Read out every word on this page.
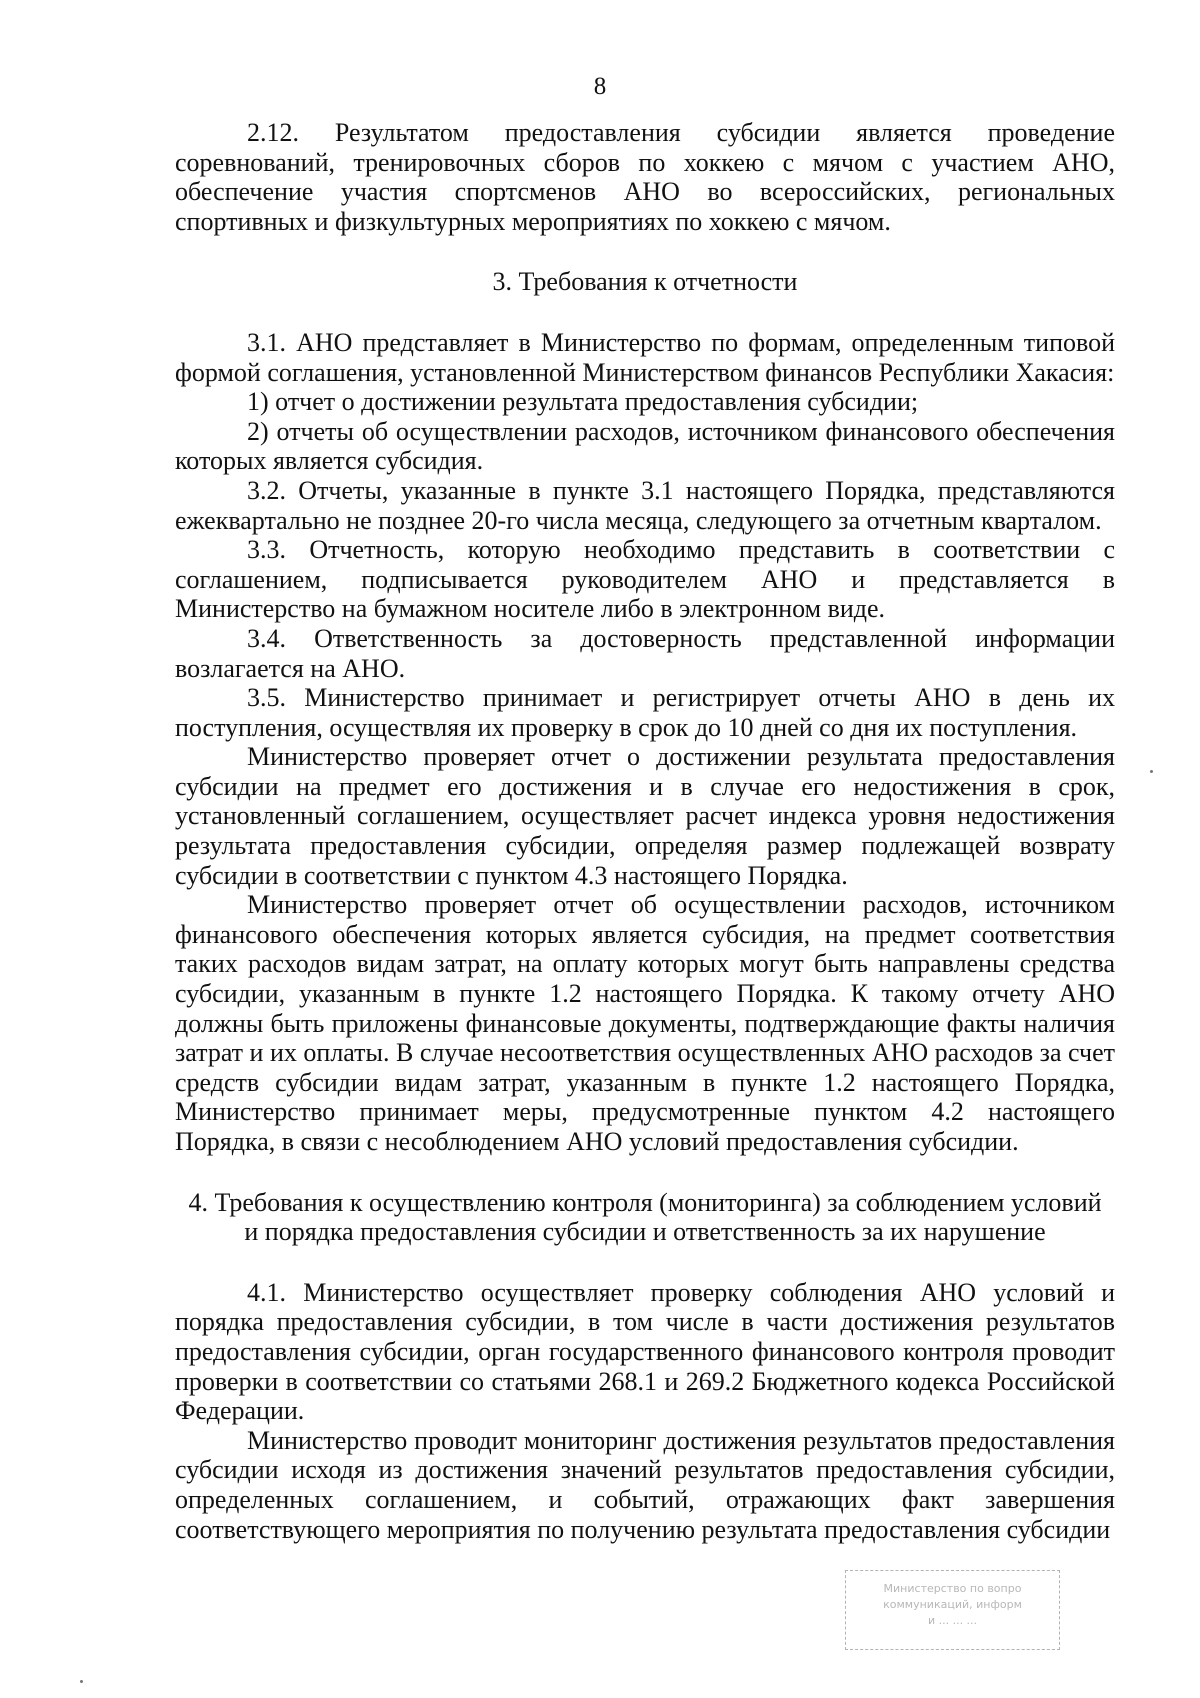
8

2.12. Результатом предоставления субсидии является проведение соревнований, тренировочных сборов по хоккею с мячом с участием АНО, обеспечение участия спортсменов АНО во всероссийских, региональных спортивных и физкультурных мероприятиях по хоккею с мячом.

3. Требования к отчетности

3.1. АНО представляет в Министерство по формам, определенным типовой формой соглашения, установленной Министерством финансов Республики Хакасия:

1) отчет о достижении результата предоставления субсидии;

2) отчеты об осуществлении расходов, источником финансового обеспечения которых является субсидия.

3.2. Отчеты, указанные в пункте 3.1 настоящего Порядка, представляются ежеквартально не позднее 20-го числа месяца, следующего за отчетным кварталом.

3.3. Отчетность, которую необходимо представить в соответствии с соглашением, подписывается руководителем АНО и представляется в Министерство на бумажном носителе либо в электронном виде.

3.4. Ответственность за достоверность представленной информации возлагается на АНО.

3.5. Министерство принимает и регистрирует отчеты АНО в день их поступления, осуществляя их проверку в срок до 10 дней со дня их поступления.

Министерство проверяет отчет о достижении результата предоставления субсидии на предмет его достижения и в случае его недостижения в срок, установленный соглашением, осуществляет расчет индекса уровня недостижения результата предоставления субсидии, определяя размер подлежащей возврату субсидии в соответствии с пунктом 4.3 настоящего Порядка.

Министерство проверяет отчет об осуществлении расходов, источником финансового обеспечения которых является субсидия, на предмет соответствия таких расходов видам затрат, на оплату которых могут быть направлены средства субсидии, указанным в пункте 1.2 настоящего Порядка. К такому отчету АНО должны быть приложены финансовые документы, подтверждающие факты наличия затрат и их оплаты. В случае несоответствия осуществленных АНО расходов за счет средств субсидии видам затрат, указанным в пункте 1.2 настоящего Порядка, Министерство принимает меры, предусмотренные пунктом 4.2 настоящего Порядка, в связи с несоблюдением АНО условий предоставления субсидии.

4. Требования к осуществлению контроля (мониторинга) за соблюдением условий

и порядка предоставления субсидии и ответственность за их нарушение

4.1. Министерство осуществляет проверку соблюдения АНО условий и порядка предоставления субсидии, в том числе в части достижения результатов предоставления субсидии, орган государственного финансового контроля проводит проверки в соответствии со статьями 268.1 и 269.2 Бюджетного кодекса Российской Федерации.

Министерство проводит мониторинг достижения результатов предоставления субсидии исходя из достижения значений результатов предоставления субсидии, определенных соглашением, и событий, отражающих факт завершения соответствующего мероприятия по получению результата предоставления субсидии

Министерство по вопро
коммуникаций, информ
и ... ... ...
